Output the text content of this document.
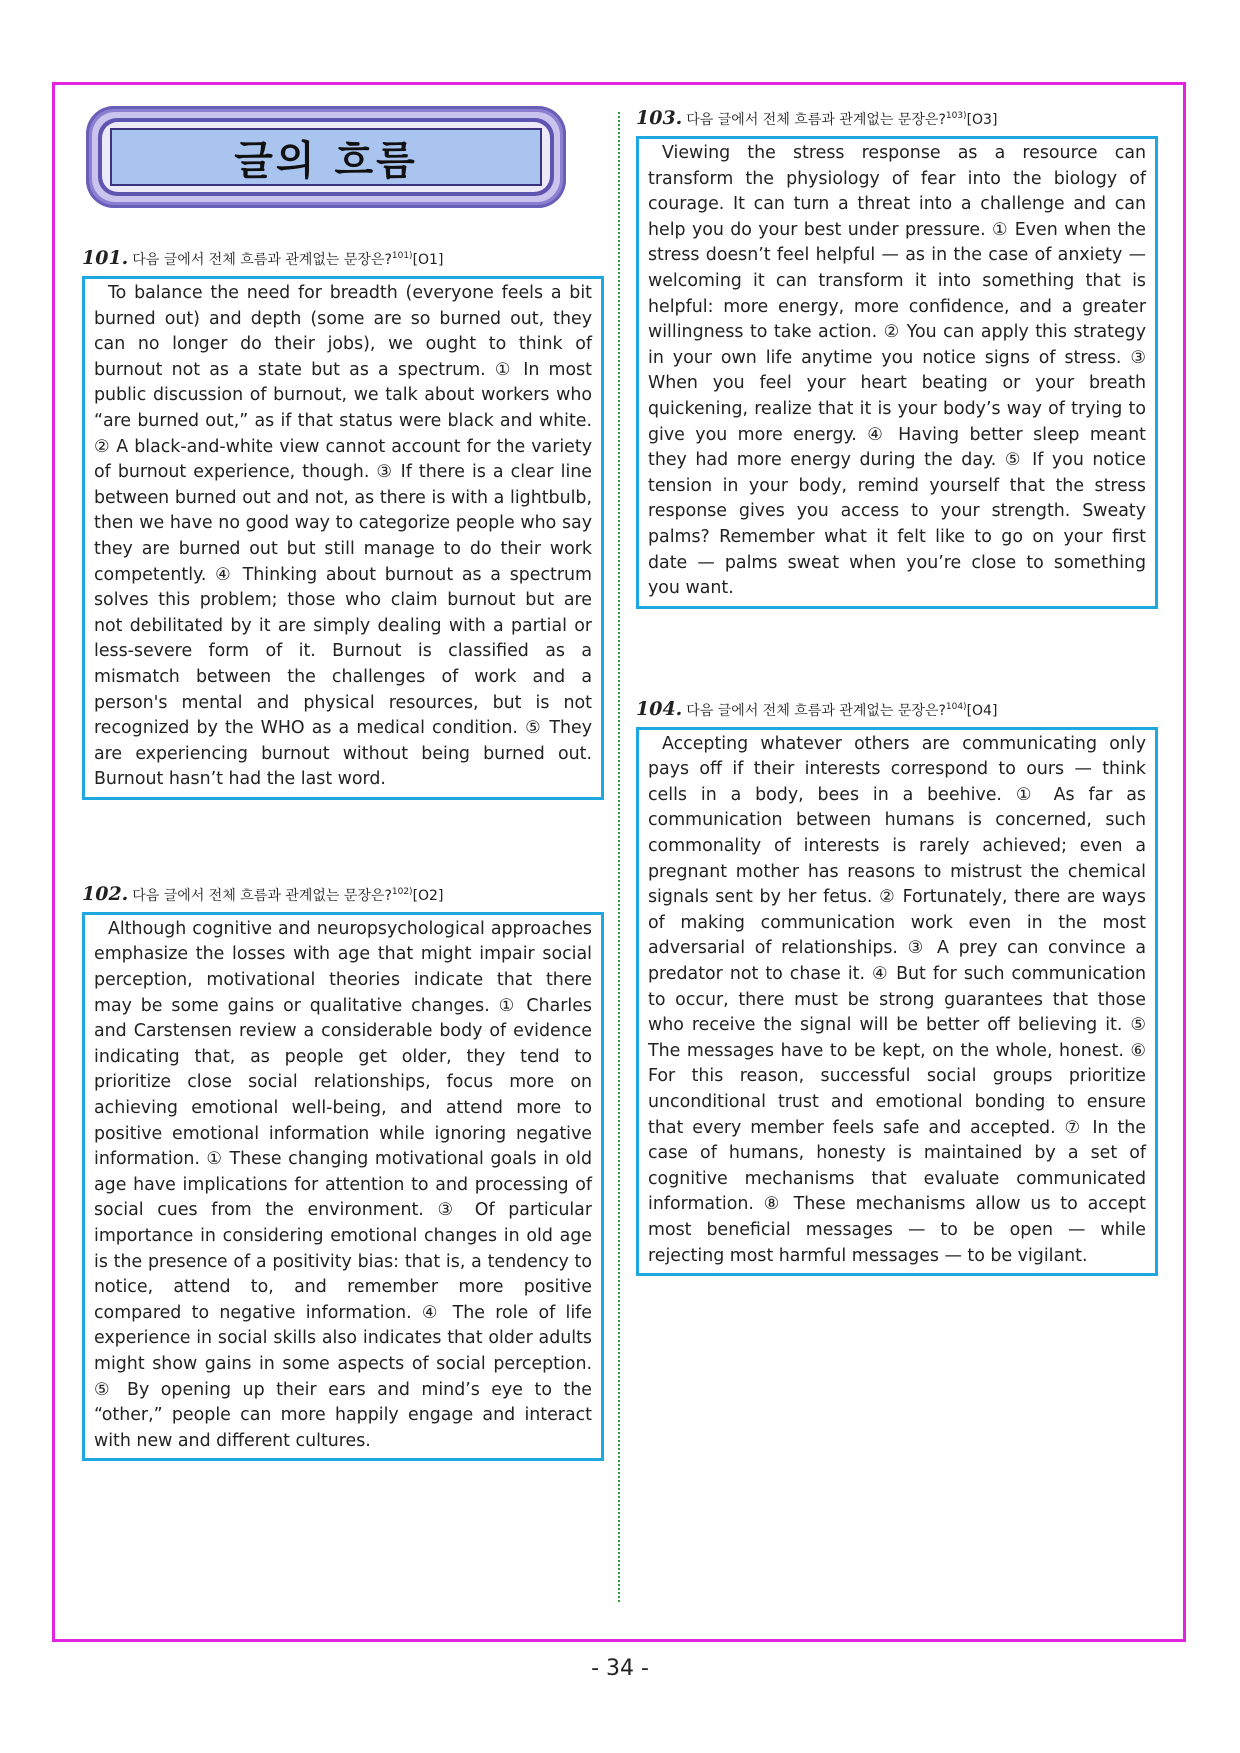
글의 흐름
101. 다음 글에서 전체 흐름과 관계없는 문장은?$^{101)}$[O1]
To balance the need for breadth (everyone feels a bit burned out) and depth (some are so burned out, they can no longer do their jobs), we ought to think of burnout not as a state but as a spectrum. ① In most public discussion of burnout, we talk about workers who “are burned out,” as if that status were black and white. ② A black-and-white view cannot account for the variety of burnout experience, though. ③ If there is a clear line between burned out and not, as there is with a lightbulb, then we have no good way to categorize people who say they are burned out but still manage to do their work competently. ④ Thinking about burnout as a spectrum solves this problem; those who claim burnout but are not debilitated by it are simply dealing with a partial or less-severe form of it. Burnout is classified as a mismatch between the challenges of work and a person's mental and physical resources, but is not recognized by the WHO as a medical condition. ⑤ They are experiencing burnout without being burned out. Burnout hasn’t had the last word.
102. 다음 글에서 전체 흐름과 관계없는 문장은?$^{102)}$[O2]
Although cognitive and neuropsychological approaches emphasize the losses with age that might impair social perception, motivational theories indicate that there may be some gains or qualitative changes. ① Charles and Carstensen review a considerable body of evidence indicating that, as people get older, they tend to prioritize close social relationships, focus more on achieving emotional well-being, and attend more to positive emotional information while ignoring negative information. ① These changing motivational goals in old age have implications for attention to and processing of social cues from the environment. ③ Of particular importance in considering emotional changes in old age is the presence of a positivity bias: that is, a tendency to notice, attend to, and remember more positive compared to negative information. ④ The role of life experience in social skills also indicates that older adults might show gains in some aspects of social perception. ⑤ By opening up their ears and mind’s eye to the “other,” people can more happily engage and interact with new and different cultures.
103. 다음 글에서 전체 흐름과 관계없는 문장은?$^{103)}$[O3]
Viewing the stress response as a resource can transform the physiology of fear into the biology of courage. It can turn a threat into a challenge and can help you do your best under pressure. ① Even when the stress doesn’t feel helpful — as in the case of anxiety — welcoming it can transform it into something that is helpful: more energy, more confidence, and a greater willingness to take action. ② You can apply this strategy in your own life anytime you notice signs of stress. ③ When you feel your heart beating or your breath quickening, realize that it is your body’s way of trying to give you more energy. ④ Having better sleep meant they had more energy during the day. ⑤ If you notice tension in your body, remind yourself that the stress response gives you access to your strength. Sweaty palms? Remember what it felt like to go on your first date — palms sweat when you’re close to something you want.
104. 다음 글에서 전체 흐름과 관계없는 문장은?$^{104)}$[O4]
Accepting whatever others are communicating only pays off if their interests correspond to ours — think cells in a body, bees in a beehive. ① As far as communication between humans is concerned, such commonality of interests is rarely achieved; even a pregnant mother has reasons to mistrust the chemical signals sent by her fetus. ② Fortunately, there are ways of making communication work even in the most adversarial of relationships. ③ A prey can convince a predator not to chase it. ④ But for such communication to occur, there must be strong guarantees that those who receive the signal will be better off believing it. ⑤ The messages have to be kept, on the whole, honest. ⑥ For this reason, successful social groups prioritize unconditional trust and emotional bonding to ensure that every member feels safe and accepted. ⑦ In the case of humans, honesty is maintained by a set of cognitive mechanisms that evaluate communicated information. ⑧ These mechanisms allow us to accept most beneficial messages — to be open — while rejecting most harmful messages — to be vigilant.
- 34 -
